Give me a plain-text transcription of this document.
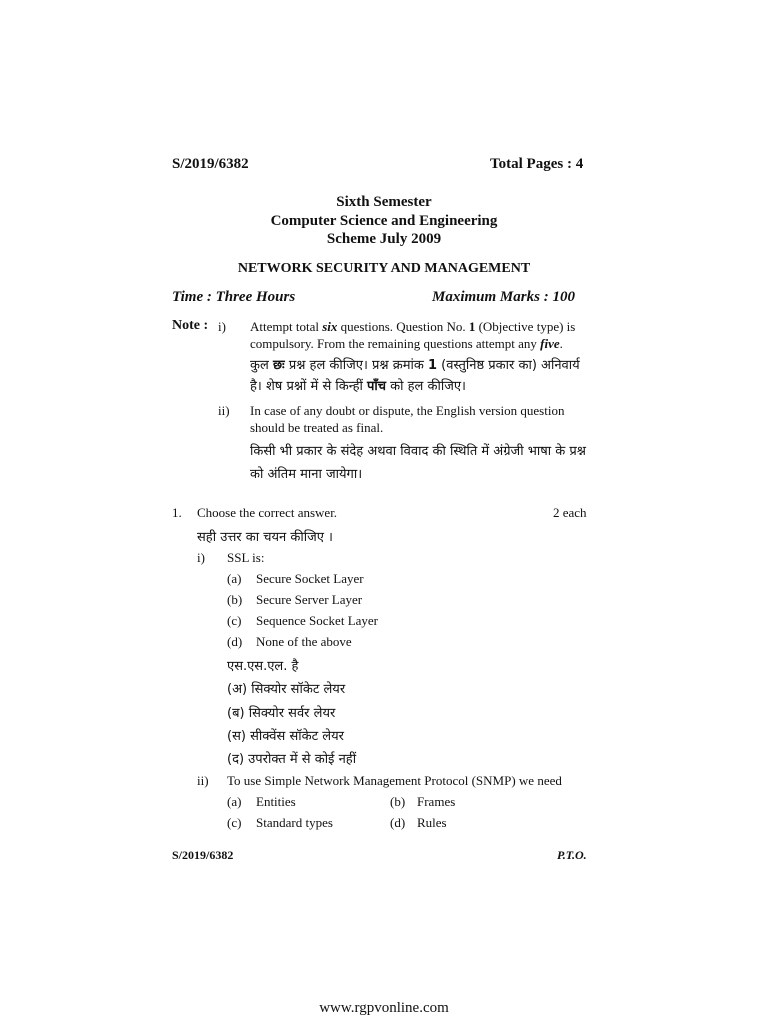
S/2019/6382	Total Pages : 4
Sixth Semester
Computer Science and Engineering
Scheme July 2009
NETWORK SECURITY AND MANAGEMENT
Time : Three Hours	Maximum Marks : 100
Note : i) Attempt total six questions. Question No. 1 (Objective type) is compulsory. From the remaining questions attempt any five.
कुल छः प्रश्न हल कीजिए। प्रश्न क्रमांक 1 (वस्तुनिष्ठ प्रकार का) अनिवार्य है। शेष प्रश्नों में से किन्हीं पाँच को हल कीजिए।
ii) In case of any doubt or dispute, the English version question should be treated as final.
किसी भी प्रकार के संदेह अथवा विवाद की स्थिति में अंग्रेजी भाषा के प्रश्न को अंतिम माना जायेगा।
1. Choose the correct answer.	2 each
सही उत्तर का चयन कीजिए ।
i) SSL is:
(a) Secure Socket Layer
(b) Secure Server Layer
(c) Sequence Socket Layer
(d) None of the above
एस.एस.एल. है
(अ) सिक्योर सॉकेट लेयर
(ब) सिक्योर सर्वर लेयर
(स) सीक्वेंस सॉकेट लेयर
(द) उपरोक्त में से कोई नहीं
ii) To use Simple Network Management Protocol (SNMP) we need
(a) Entities	(b) Frames
(c) Standard types	(d) Rules
S/2019/6382	P.T.O.
www.rgpvonline.com
